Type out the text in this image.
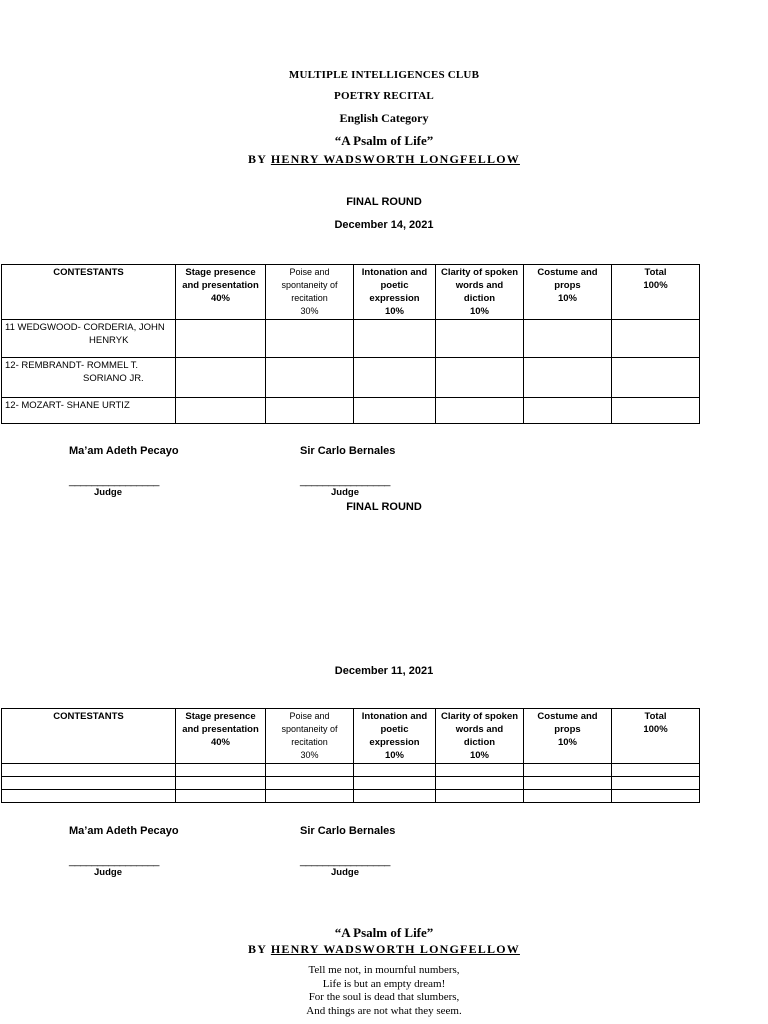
MULTIPLE INTELLIGENCES CLUB
POETRY RECITAL
English Category
“A Psalm of Life”
BY HENRY WADSWORTH LONGFELLOW
FINAL ROUND
December 14, 2021
CONTESTANTS	Stage presence
and presentation
40%	Poise and
spontaneity of
recitation
30%	Intonation and
poetic
expression
10%	Clarity of spoken
words and
diction
10%	Costume and
props
10%	Total
100%

11 WEDGWOOD- CORDERIA, JOHN
HENRYK						

12- REMBRANDT- ROMMEL T.
SORIANO JR.						

12- MOZART- SHANE URTIZ						
Ma’am Adeth Pecayo
________________
Judge
Sir Carlo Bernales
________________
Judge
FINAL ROUND
December 11, 2021
CONTESTANTS	Stage presence
and presentation
40%	Poise and
spontaneity of
recitation
30%	Intonation and
poetic
expression
10%	Clarity of spoken
words and
diction
10%	Costume and
props
10%	Total
100%

Ma’am Adeth Pecayo
________________
Judge
Sir Carlo Bernales
________________
Judge
“A Psalm of Life”
BY HENRY WADSWORTH LONGFELLOW
Tell me not, in mournful numbers,
Life is but an empty dream!
For the soul is dead that slumbers,
And things are not what they seem.
